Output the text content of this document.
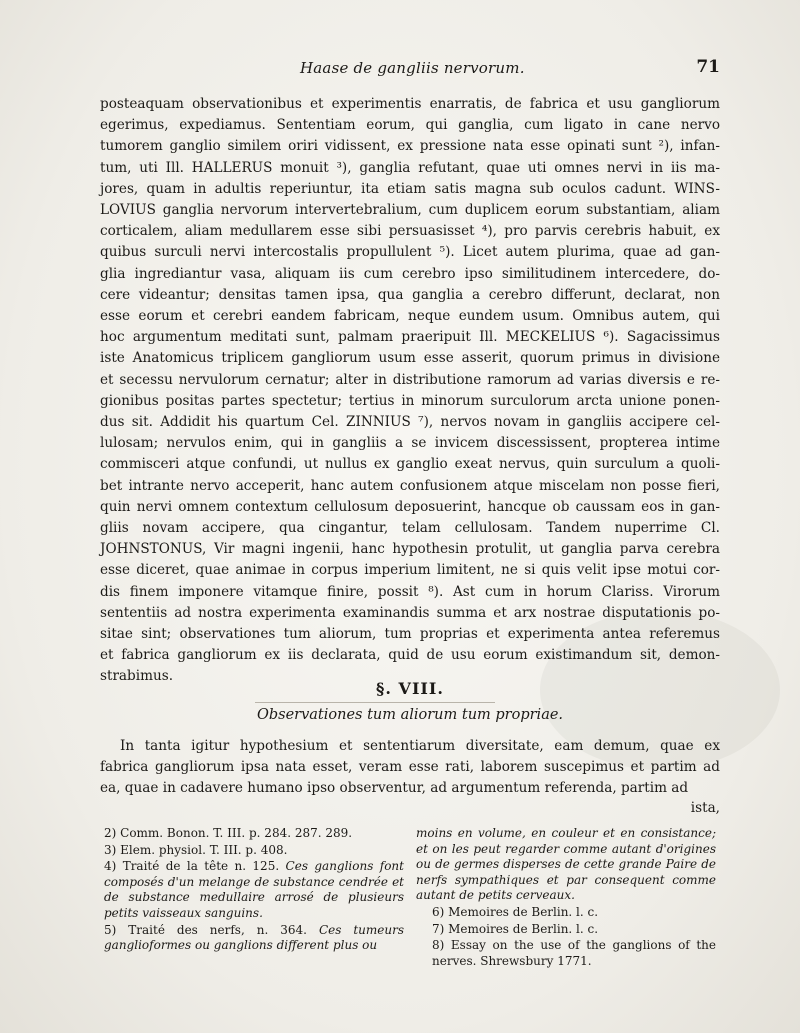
Haase de gangliis nervorum.	71
posteaquam observationibus et experimentis enarratis, de fabrica et usu gangliorum
egerimus, expediamus. Sententiam eorum, qui ganglia, cum ligato in cane nervo
tumorem ganglio similem oriri vidissent, ex pressione nata esse opinati sunt ²), infan-
tum, uti Ill. HALLERUS monuit ³), ganglia refutant, quae uti omnes nervi in iis ma-
jores, quam in adultis reperiuntur, ita etiam satis magna sub oculos cadunt. WINS-
LOVIUS ganglia nervorum intervertebralium, cum duplicem eorum substantiam, aliam
corticalem, aliam medullarem esse sibi persuasisset ⁴), pro parvis cerebris habuit, ex
quibus surculi nervi intercostalis propullulent ⁵). Licet autem plurima, quae ad gan-
glia ingrediantur vasa, aliquam iis cum cerebro ipso similitudinem intercedere, do-
cere videantur; densitas tamen ipsa, qua ganglia a cerebro differunt, declarat, non
esse eorum et cerebri eandem fabricam, neque eundem usum. Omnibus autem, qui
hoc argumentum meditati sunt, palmam praeripuit Ill. MECKELIUS ⁶). Sagacissimus
iste Anatomicus triplicem gangliorum usum esse asserit, quorum primus in divisione
et secessu nervulorum cernatur; alter in distributione ramorum ad varias diversis e re-
gionibus positas partes spectetur; tertius in minorum surculorum arcta unione ponen-
dus sit. Addidit his quartum Cel. ZINNIUS ⁷), nervos novam in gangliis accipere cel-
lulosam; nervulos enim, qui in gangliis a se invicem discessissent, propterea intime
commisceri atque confundi, ut nullus ex ganglio exeat nervus, quin surculum a quoli-
bet intrante nervo acceperit, hanc autem confusionem atque miscelam non posse fieri,
quin nervi omnem contextum cellulosum deposuerint, hancque ob caussam eos in gan-
gliis novam accipere, qua cingantur, telam cellulosam. Tandem nuperrime Cl.
JOHNSTONUS, Vir magni ingenii, hanc hypothesin protulit, ut ganglia parva cerebra
esse diceret, quae animae in corpus imperium limitent, ne si quis velit ipse motui cor-
dis finem imponere vitamque finire, possit ⁸). Ast cum in horum Clariss. Virorum
sententiis ad nostra experimenta examinandis summa et arx nostrae disputationis po-
sitae sint; observationes tum aliorum, tum proprias et experimenta antea referemus
et fabrica gangliorum ex iis declarata, quid de usu eorum existimandum sit, demon-
strabimus.
§. VIII.
Observationes tum aliorum tum propriae.
In tanta igitur hypothesium et sententiarum diversitate, eam demum, quae ex
fabrica gangliorum ipsa nata esset, veram esse rati, laborem suscepimus et partim ad
ea, quae in cadavere humano ipso observentur, ad argumentum referenda, partim ad
ista,

2) Comm. Bonon. T. III. p. 284. 287. 289.

3) Elem. physiol. T. III. p. 408.

4) Traité de la tête n. 125. Ces ganglions font composés d'un melange de substance cendrée et de substance medullaire arrosé de plusieurs petits vaisseaux sanguins.

5) Traité des nerfs, n. 364. Ces tumeurs ganglioformes ou ganglions different plus ou

moins en volume, en couleur et en consistance; et on les peut regarder comme autant d'origines ou de germes disperses de cette grande Paire de nerfs sympathiques et par consequent comme autant de petits cerveaux.

6) Memoires de Berlin. l. c.

7) Memoires de Berlin. l. c.

8) Essay on the use of the ganglions of the nerves. Shrewsbury 1771.
